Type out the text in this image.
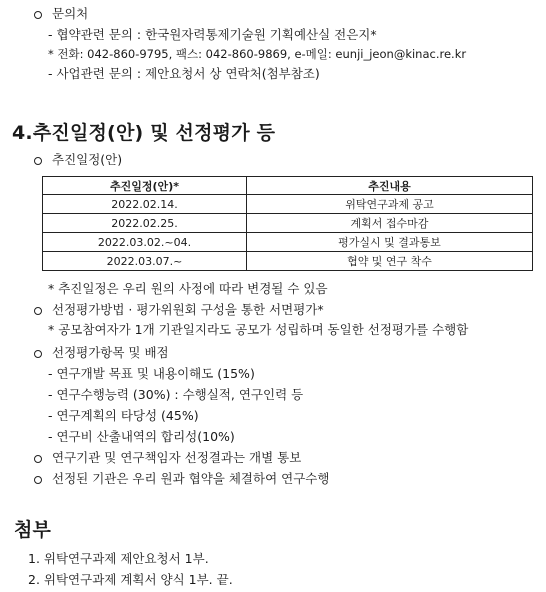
문의처
- 협약관련 문의 : 한국원자력통제기술원 기획예산실 전은지*
* 전화: 042-860-9795, 팩스: 042-860-9869, e-메일: eunji_jeon@kinac.re.kr
- 사업관련 문의 : 제안요청서 상 연락처(첨부참조)
4.추진일정(안) 및 선정평가 등
추진일정(안)
추진일정(안)*	추진내용
2022.02.14.	위탁연구과제 공고
2022.02.25.	계획서 접수마감
2022.03.02.~04.	평가실시 및 결과통보
2022.03.07.~	협약 및 연구 착수
* 추진일정은 우리 원의 사정에 따라 변경될 수 있음
선정평가방법 · 평가위원회 구성을 통한 서면평가*
* 공모참여자가 1개 기관일지라도 공모가 성립하며 동일한 선정평가를 수행함
선정평가항목 및 배점
- 연구개발 목표 및 내용이해도 (15%)
- 연구수행능력 (30%) : 수행실적, 연구인력 등
- 연구계획의 타당성 (45%)
- 연구비 산출내역의 합리성(10%)
연구기관 및 연구책임자 선정결과는 개별 통보
선정된 기관은 우리 원과 협약을 체결하여 연구수행
첨부
1. 위탁연구과제 제안요청서 1부.
2. 위탁연구과제 계획서 양식 1부. 끝.
